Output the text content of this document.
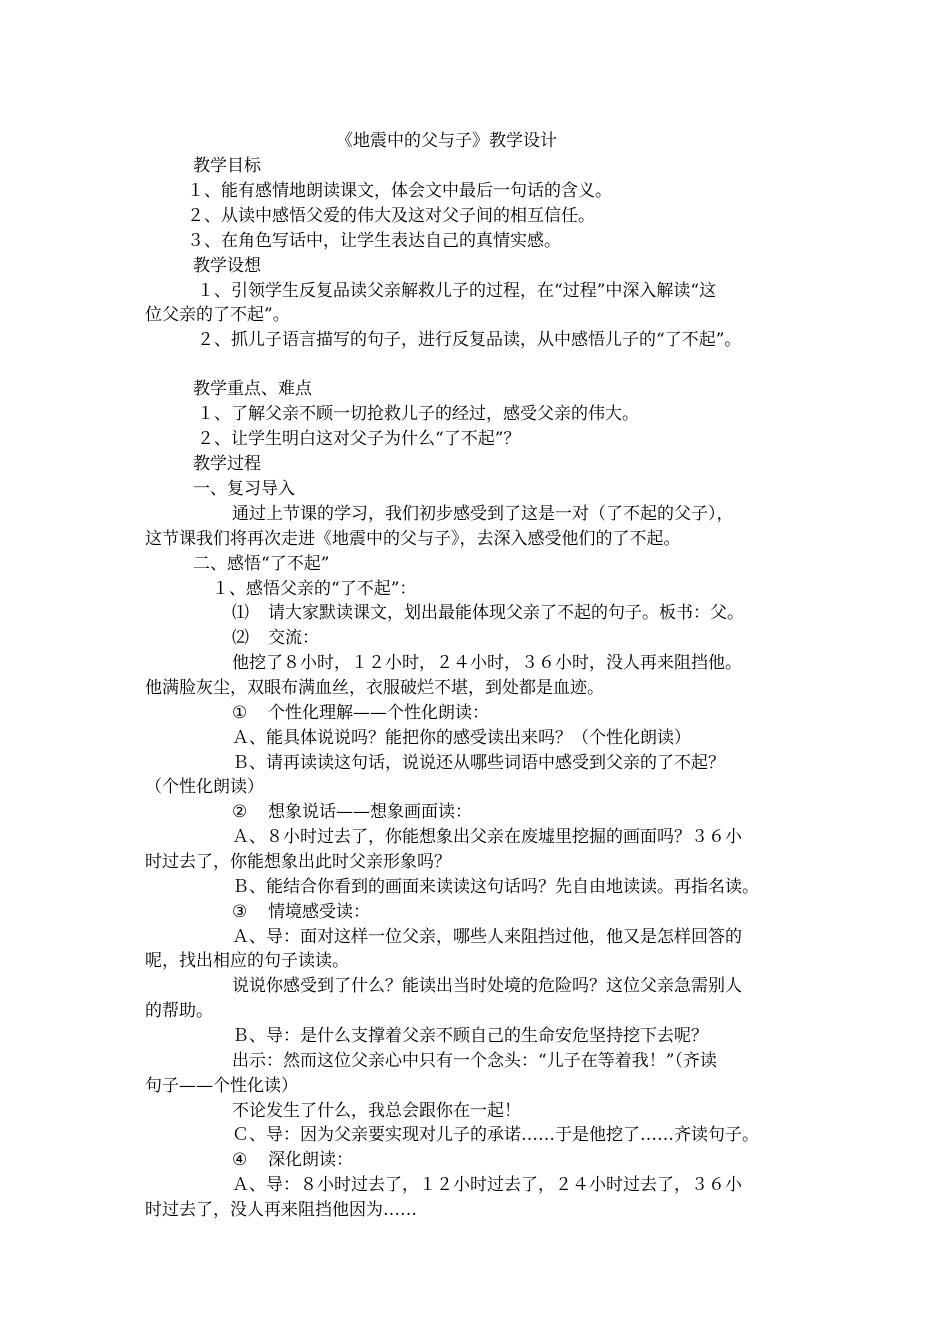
《地震中的父与子》教学设计
教学目标
１、能有感情地朗读课文，体会文中最后一句话的含义。
２、从读中感悟父爱的伟大及这对父子间的相互信任。
３、在角色写话中，让学生表达自己的真情实感。
教学设想
１、引领学生反复品读父亲解救儿子的过程，在“过程”中深入解读“这
位父亲的了不起”。
２、抓儿子语言描写的句子，进行反复品读，从中感悟儿子的“了不起”。
教学重点、难点
１、了解父亲不顾一切抢救儿子的经过，感受父亲的伟大。
２、让学生明白这对父子为什么“了不起”？
教学过程
一、复习导入
通过上节课的学习，我们初步感受到了这是一对（了不起的父子），
这节课我们将再次走进《地震中的父与子》，去深入感受他们的了不起。
二、感悟“了不起”
１、感悟父亲的“了不起”：
⑴ 请大家默读课文，划出最能体现父亲了不起的句子。板书：父。
⑵ 交流：
他挖了８小时，１２小时，２４小时，３６小时，没人再来阻挡他。
他满脸灰尘，双眼布满血丝，衣服破烂不堪，到处都是血迹。
① 个性化理解——个性化朗读：
Ａ、能具体说说吗？能把你的感受读出来吗？（个性化朗读）
Ｂ、请再读读这句话，说说还从哪些词语中感受到父亲的了不起？
（个性化朗读）
② 想象说话——想象画面读：
Ａ、８小时过去了，你能想象出父亲在废墟里挖掘的画面吗？３６小
时过去了，你能想象出此时父亲形象吗？
Ｂ、能结合你看到的画面来读读这句话吗？先自由地读读。再指名读。
③ 情境感受读：
Ａ、导：面对这样一位父亲，哪些人来阻挡过他，他又是怎样回答的
呢，找出相应的句子读读。
说说你感受到了什么？能读出当时处境的危险吗？这位父亲急需别人
的帮助。
Ｂ、导：是什么支撑着父亲不顾自己的生命安危坚持挖下去呢？
出示：然而这位父亲心中只有一个念头：“儿子在等着我！”（齐读
句子——个性化读）
不论发生了什么，我总会跟你在一起！
Ｃ、导：因为父亲要实现对儿子的承诺……于是他挖了……齐读句子。
④ 深化朗读：
Ａ、导：８小时过去了，１２小时过去了，２４小时过去了，３６小
时过去了，没人再来阻挡他因为……
